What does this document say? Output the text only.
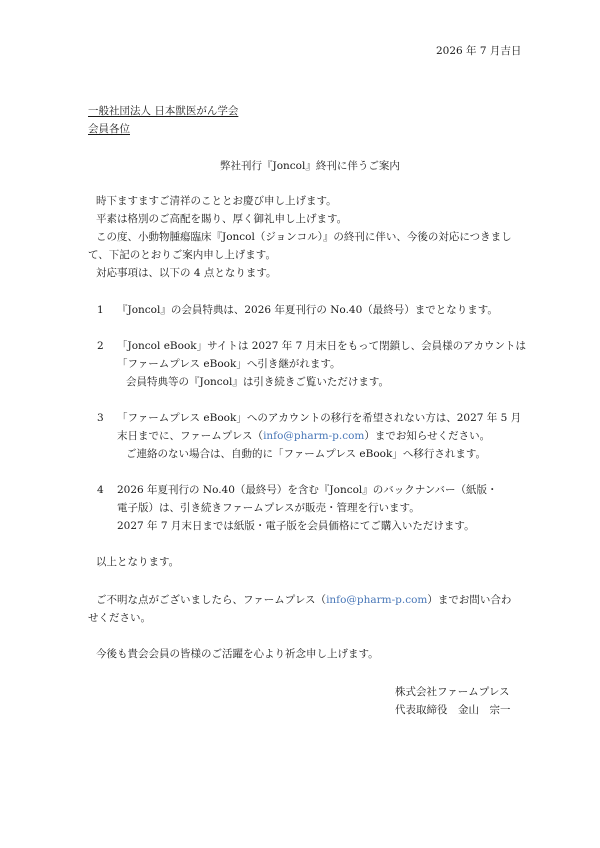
2026 年 7 月吉日
一般社団法人 日本獣医がん学会
会員各位
弊社刊行『Joncol』終刊に伴うご案内
時下ますますご清祥のこととお慶び申し上げます。
平素は格別のご高配を賜り、厚く御礼申し上げます。
この度、小動物腫瘍臨床『Joncol（ジョンコル）』の終刊に伴い、今後の対応につきまし
て、下記のとおりご案内申し上げます。
対応事項は、以下の 4 点となります。
1 『Joncol』の会員特典は、2026 年夏刊行の No.40（最終号）までとなります。
2 「Joncol eBook」サイトは 2027 年 7 月末日をもって閉鎖し、会員様のアカウントは
「ファームプレス eBook」へ引き継がれます。
会員特典等の『Joncol』は引き続きご覧いただけます。
3 「ファームプレス eBook」へのアカウントの移行を希望されない方は、2027 年 5 月
末日までに、ファームプレス（info@pharm-p.com）までお知らせください。
ご連絡のない場合は、自動的に「ファームプレス eBook」へ移行されます。
4 2026 年夏刊行の No.40（最終号）を含む『Joncol』のバックナンバー（紙版・
電子版）は、引き続きファームプレスが販売・管理を行います。
2027 年 7 月末日までは紙版・電子版を会員価格にてご購入いただけます。
以上となります。
ご不明な点がございましたら、ファームプレス（info@pharm-p.com）までお問い合わ
せください。
今後も貴会会員の皆様のご活躍を心より祈念申し上げます。
株式会社ファームプレス
代表取締役　金山　宗一
